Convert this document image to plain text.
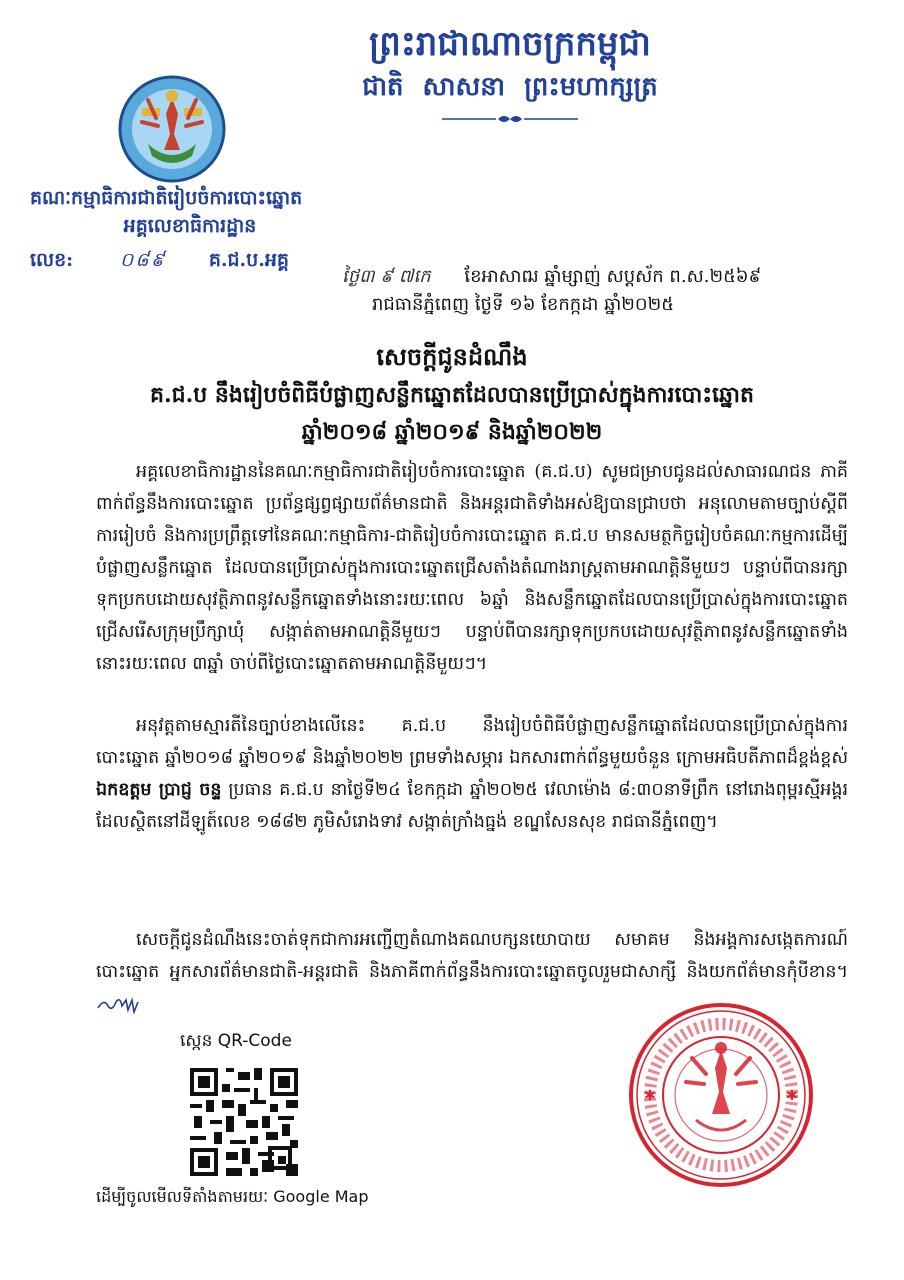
ព្រះរាជាណាចក្រកម្ពុជា
ជាតិ សាសនា ព្រះមហាក្សត្រ
គណៈកម្មាធិការជាតិរៀបចំការបោះឆ្នោត
អគ្គលេខាធិការដ្ឋាន
លេខ: ០៨៩ គ.ជ.ប.អគ្គ
ថ្ងៃ៣ ៩ ៧កេ ខែអាសាឍ ឆ្នាំម្សាញ់ សប្តស័ក ព.ស.២៥៦៩
រាជធានីភ្នំពេញ ថ្ងៃទី ១៦ ខែកក្កដា ឆ្នាំ២០២៥
សេចក្តីជូនដំណឹង
គ.ជ.ប នឹងរៀបចំពិធីបំផ្លាញសន្លឹកឆ្នោតដែលបានប្រើប្រាស់ក្នុងការបោះឆ្នោត
ឆ្នាំ២០១៨ ឆ្នាំ២០១៩ និងឆ្នាំ២០២២
អគ្គលេខាធិការដ្ឋាននៃគណៈកម្មាធិការជាតិរៀបចំការបោះឆ្នោត (គ.ជ.ប) សូមជម្រាបជូនដល់សាធារណជន ភាគីពាក់ព័ន្ធនឹងការបោះឆ្នោត ប្រព័ន្ធផ្សព្វផ្សាយព័ត៌មានជាតិ និងអន្តរជាតិទាំងអស់ឱ្យបានជ្រាបថា អនុលោមតាមច្បាប់ស្តីពីការរៀបចំ និងការប្រព្រឹត្តទៅនៃគណៈកម្មាធិការ-ជាតិរៀបចំការបោះឆ្នោត គ.ជ.ប មានសមត្ថកិច្ចរៀបចំគណៈកម្មការដើម្បីបំផ្លាញសន្លឹកឆ្នោត ដែលបានប្រើប្រាស់ក្នុងការបោះឆ្នោតជ្រើសតាំងតំណាងរាស្ត្រតាមអាណត្តិនីមួយៗ បន្ទាប់ពីបានរក្សាទុកប្រកបដោយសុវត្ថិភាពនូវសន្លឹកឆ្នោតទាំងនោះរយៈពេល ៦ឆ្នាំ និងសន្លឹកឆ្នោតដែលបានប្រើប្រាស់ក្នុងការបោះឆ្នោតជ្រើសរើសក្រុមប្រឹក្សាឃុំ សង្កាត់តាមអាណត្តិនីមួយៗ បន្ទាប់ពីបានរក្សាទុកប្រកបដោយសុវត្ថិភាពនូវសន្លឹកឆ្នោតទាំងនោះរយៈពេល ៣ឆ្នាំ ចាប់ពីថ្ងៃបោះឆ្នោតតាមអាណត្តិនីមួយៗ។
អនុវត្តតាមស្មារតីនៃច្បាប់ខាងលើនេះ គ.ជ.ប នឹងរៀបចំពិធីបំផ្លាញសន្លឹកឆ្នោតដែលបានប្រើប្រាស់ក្នុងការបោះឆ្នោត ឆ្នាំ២០១៨ ឆ្នាំ២០១៩ និងឆ្នាំ២០២២ ព្រមទាំងសម្ភារ ឯកសារពាក់ព័ន្ធមួយចំនួន ក្រោមអធិបតីភាពដ៏ខ្ពង់ខ្ពស់ ឯកឧត្តម ប្រាជ្ញ ចន្ទ ប្រធាន គ.ជ.ប នាថ្ងៃទី២៤ ខែកក្កដា ឆ្នាំ២០២៥ វេលាម៉ោង ៨:៣០នាទីព្រឹក នៅរោងពុម្ពរស្មីអង្គរ ដែលស្ថិតនៅដីឡូត៍លេខ ១៨៨២ ភូមិសំរោងទាវ សង្កាត់ក្រាំងធ្នង់ ខណ្ឌសែនសុខ រាជធានីភ្នំពេញ។
សេចក្តីជូនដំណឹងនេះចាត់ទុកជាការអញ្ជើញតំណាងគណបក្សនយោបាយ សមាគម និងអង្គការសង្កេតការណ៍បោះឆ្នោត អ្នកសារព័ត៌មានជាតិ-អន្តរជាតិ និងភាគីពាក់ព័ន្ធនឹងការបោះឆ្នោតចូលរួមជាសាក្សី និងយកព័ត៌មានកុំបីខាន។
ស្កេន QR-Code
ដើម្បីចូលមើលទីតាំងតាមរយៈ Google Map
✱	✱
